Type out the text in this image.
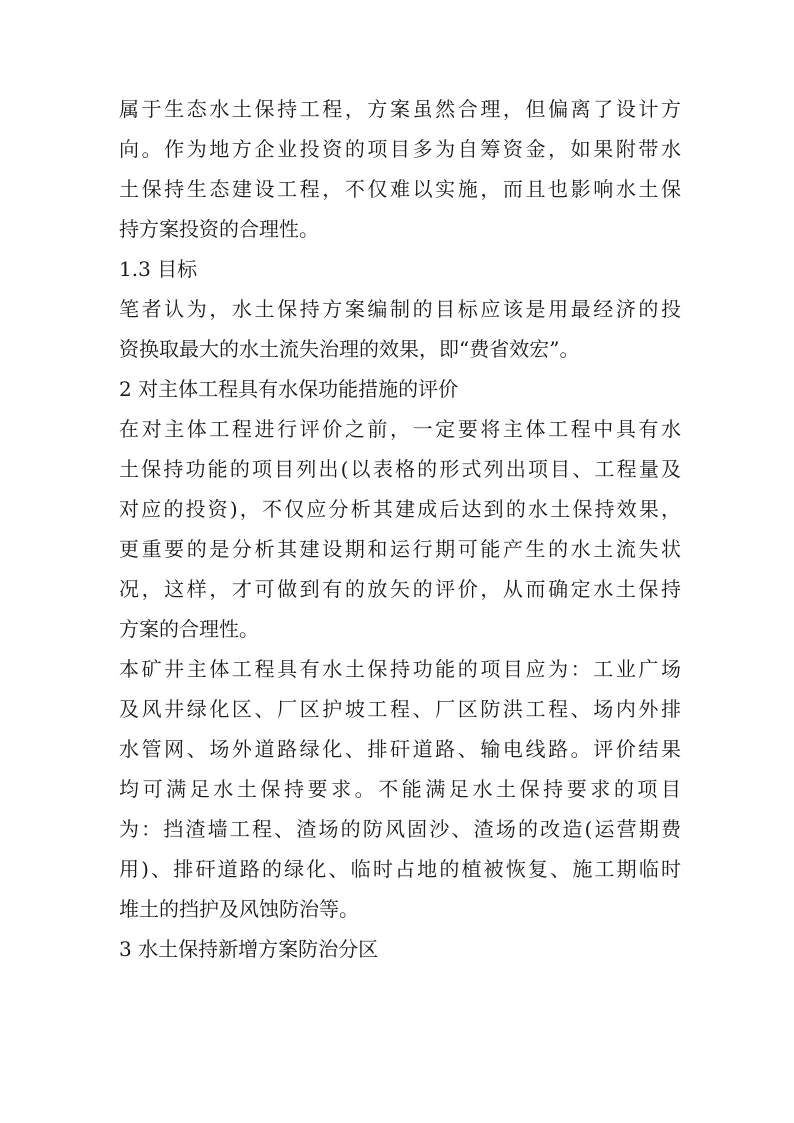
属于生态水土保持工程，方案虽然合理，但偏离了设计方
向。作为地方企业投资的项目多为自筹资金，如果附带水
土保持生态建设工程，不仅难以实施，而且也影响水土保
持方案投资的合理性。
1.3 目标
笔者认为，水土保持方案编制的目标应该是用最经济的投
资换取最大的水土流失治理的效果，即“费省效宏”。
2 对主体工程具有水保功能措施的评价
在对主体工程进行评价之前，一定要将主体工程中具有水
土保持功能的项目列出(以表格的形式列出项目、工程量及
对应的投资)，不仅应分析其建成后达到的水土保持效果，
更重要的是分析其建设期和运行期可能产生的水土流失状
况，这样，才可做到有的放矢的评价，从而确定水土保持
方案的合理性。
本矿井主体工程具有水土保持功能的项目应为：工业广场
及风井绿化区、厂区护坡工程、厂区防洪工程、场内外排
水管网、场外道路绿化、排矸道路、输电线路。评价结果
均可满足水土保持要求。不能满足水土保持要求的项目
为：挡渣墙工程、渣场的防风固沙、渣场的改造(运营期费
用)、排矸道路的绿化、临时占地的植被恢复、施工期临时
堆土的挡护及风蚀防治等。
3 水土保持新增方案防治分区
